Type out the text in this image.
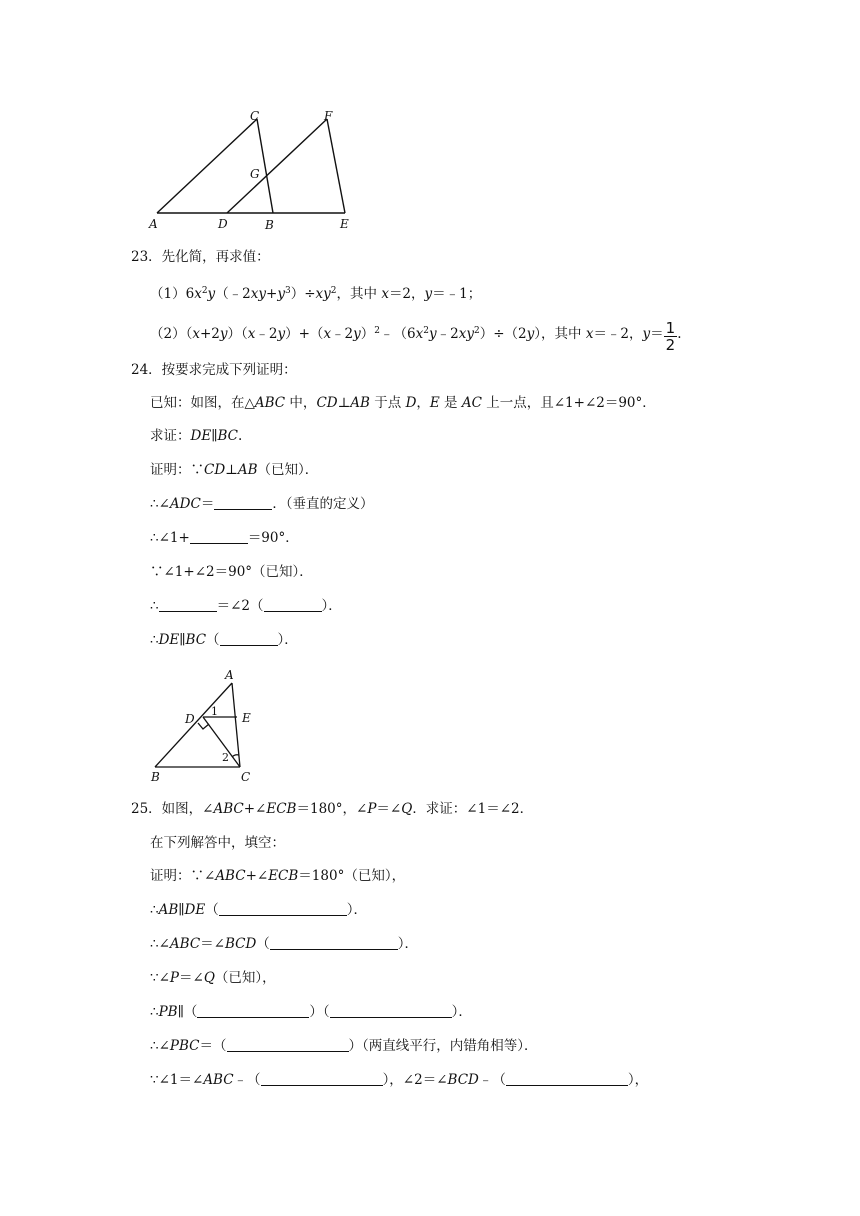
A	D	B	E
C	F
G
23．先化简，再求值：
$(1)6x^2y(﹣2xy+y^3)\div xy^2$，其中 x＝2，y＝﹣1；
$(2)(x+2y)(x﹣2y)+(x﹣2y)^2﹣(6x^2y﹣2xy^2)\div(2y)$，其中 x＝﹣2，$y= \frac{1}{2}$ .
24．按要求完成下列证明：
已知：如图，在△ABC 中，CD⊥AB 于点 D，E 是 AC 上一点，且∠1+∠2＝90°．
求证：DE∥BC.
证明：∵CD⊥AB（已知）．
∴∠ADC＝	．（垂直的定义）
∴∠1+	＝90°．
∵∠1+∠2＝90°（已知）．
∴	＝∠2（	）．
∴DE∥BC（	）．
A
D	E
B	C
1
2
25．如图，∠ABC+∠ECB＝180°，∠P＝∠Q．求证：∠1＝∠2．
在下列解答中，填空：
证明：∵∠ABC+∠ECB＝180°（已知），
∴AB∥DE（	）．
∴∠ABC＝∠BCD（	）．
∵∠P＝∠Q（已知），
∴PB∥（	）（	）．
∴∠PBC＝（	）（两直线平行，内错角相等）．
∵∠1＝∠ABC﹣（	），∠2＝∠BCD﹣（	），
